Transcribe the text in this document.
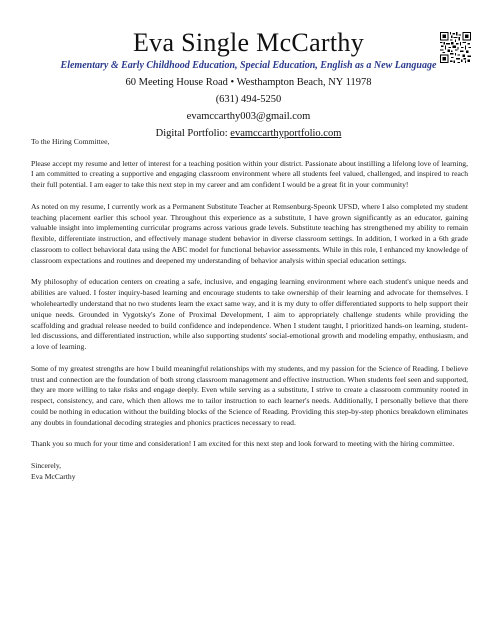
Eva Single McCarthy
Elementary & Early Childhood Education, Special Education, English as a New Language
60 Meeting House Road • Westhampton Beach, NY 11978
(631) 494-5250
evamccarthy003@gmail.com
Digital Portfolio: evamccarthyportfolio.com

To the Hiring Committee,

Please accept my resume and letter of interest for a teaching position within your district. Passionate about instilling a lifelong love of learning, I am committed to creating a supportive and engaging classroom environment where all students feel valued, challenged, and inspired to reach their full potential. I am eager to take this next step in my career and am confident I would be a great fit in your community!

As noted on my resume, I currently work as a Permanent Substitute Teacher at Remsenburg-Speonk UFSD, where I also completed my student teaching placement earlier this school year. Throughout this experience as a substitute, I have grown significantly as an educator, gaining valuable insight into implementing curricular programs across various grade levels. Substitute teaching has strengthened my ability to remain flexible, differentiate instruction, and effectively manage student behavior in diverse classroom settings. In addition, I worked in a 6th grade classroom to collect behavioral data using the ABC model for functional behavior assessments. While in this role, I enhanced my knowledge of classroom expectations and routines and deepened my understanding of behavior analysis within special education settings.

My philosophy of education centers on creating a safe, inclusive, and engaging learning environment where each student's unique needs and abilities are valued. I foster inquiry-based learning and encourage students to take ownership of their learning and advocate for themselves. I wholeheartedly understand that no two students learn the exact same way, and it is my duty to offer differentiated supports to help support their unique needs. Grounded in Vygotsky's Zone of Proximal Development, I aim to appropriately challenge students while providing the scaffolding and gradual release needed to build confidence and independence. When I student taught, I prioritized hands-on learning, student-led discussions, and differentiated instruction, while also supporting students' social-emotional growth and modeling empathy, enthusiasm, and a love of learning.

Some of my greatest strengths are how I build meaningful relationships with my students, and my passion for the Science of Reading. I believe trust and connection are the foundation of both strong classroom management and effective instruction. When students feel seen and supported, they are more willing to take risks and engage deeply. Even while serving as a substitute, I strive to create a classroom community rooted in respect, consistency, and care, which then allows me to tailor instruction to each learner's needs. Additionally, I personally believe that there could be nothing in education without the building blocks of the Science of Reading. Providing this step-by-step phonics breakdown eliminates any doubts in foundational decoding strategies and phonics practices necessary to read.

Thank you so much for your time and consideration! I am excited for this next step and look forward to meeting with the hiring committee.

Sincerely,

Eva McCarthy
